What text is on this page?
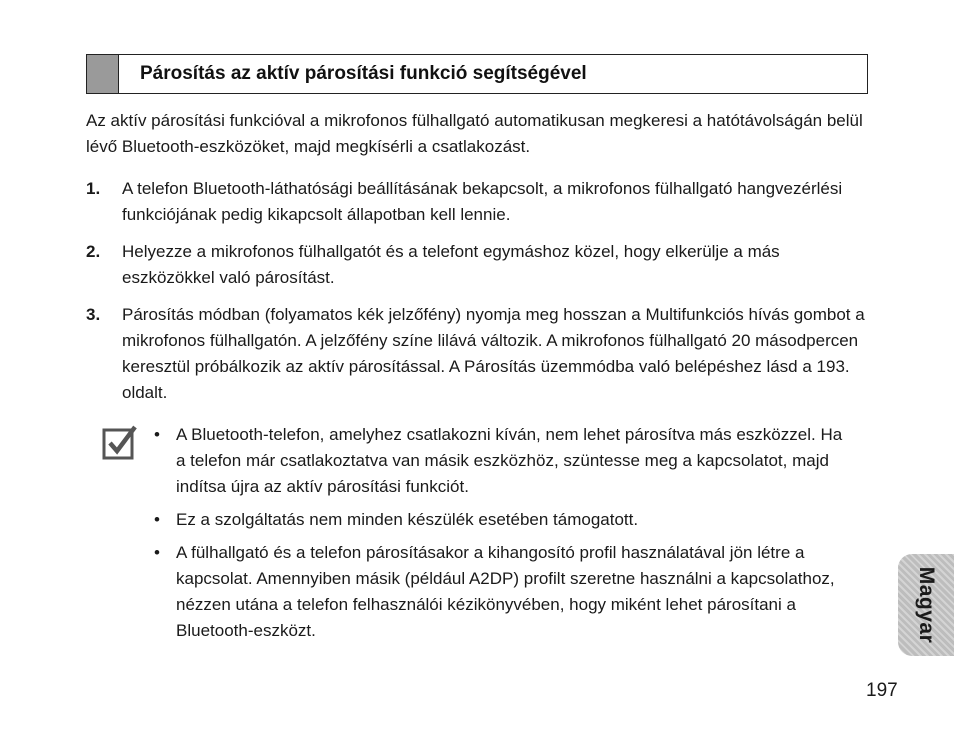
Párosítás az aktív párosítási funkció segítségével

Az aktív párosítási funkcióval a mikrofonos fülhallgató automatikusan megkeresi a hatótávolságán belül lévő Bluetooth-eszközöket, majd megkísérli a csatlakozást.

1.	A telefon Bluetooth-láthatósági beállításának bekapcsolt, a mikrofonos fülhallgató hangvezérlési funkciójának pedig kikapcsolt állapotban kell lennie.
2.	Helyezze a mikrofonos fülhallgatót és a telefont egymáshoz közel, hogy elkerülje a más eszközökkel való párosítást.
3.	Párosítás módban (folyamatos kék jelzőfény) nyomja meg hosszan a Multifunkciós hívás gombot a mikrofonos fülhallgatón. A jelzőfény színe lilává változik. A mikrofonos fülhallgató 20 másodpercen keresztül próbálkozik az aktív párosítással. A Párosítás üzemmódba való belépéshez lásd a 193. oldalt.
• A Bluetooth-telefon, amelyhez csatlakozni kíván, nem lehet párosítva más eszközzel. Ha a telefon már csatlakoztatva van másik eszközhöz, szüntesse meg a kapcsolatot, majd indítsa újra az aktív párosítási funkciót.
• Ez a szolgáltatás nem minden készülék esetében támogatott.
• A fülhallgató és a telefon párosításakor a kihangosító profil használatával jön létre a kapcsolat. Amennyiben másik (például A2DP) profilt szeretne használni a kapcsolathoz, nézzen utána a telefon felhasználói kézikönyvében, hogy miként lehet párosítani a Bluetooth-eszközt.	Magyar
197
